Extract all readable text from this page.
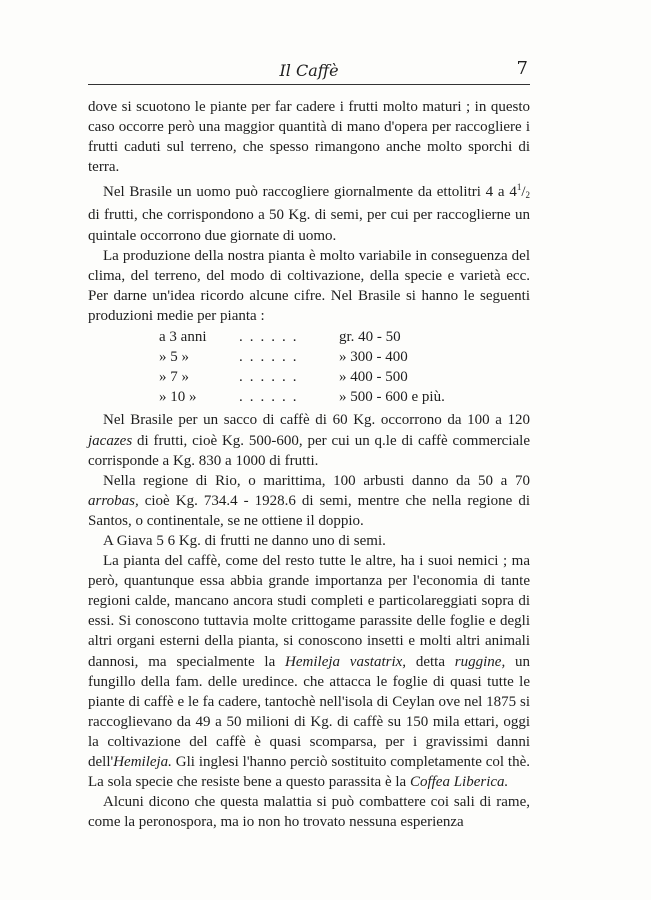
Il Caffè	7

dove si scuotono le piante per far cadere i frutti molto maturi ; in questo caso occorre però una maggior quantità di mano d'opera per raccogliere i frutti caduti sul terreno, che spesso rimangono anche molto sporchi di terra.

Nel Brasile un uomo può raccogliere giornalmente da ettolitri 4 a $4^1/_2$ di frutti, che corrispondono a 50 Kg. di semi, per cui per raccoglierne un quintale occorrono due giornate di uomo.

La produzione della nostra pianta è molto variabile in conseguenza del clima, del terreno, del modo di coltivazione, della specie e varietà ecc. Per darne un'idea ricordo alcune cifre. Nel Brasile si hanno le seguenti produzioni medie per pianta :

a 3 anni	......	gr. 40 - 50
» 5 »	......	» 300 - 400
» 7 »	......	» 400 - 500
» 10 »	......	» 500 - 600 e più.

Nel Brasile per un sacco di caffè di 60 Kg. occorrono da 100 a 120 jacazes di frutti, cioè Kg. 500-600, per cui un q.le di caffè commerciale corrisponde a Kg. 830 a 1000 di frutti.

Nella regione di Rio, o marittima, 100 arbusti danno da 50 a 70 arrobas, cioè Kg. 734.4 - 1928.6 di semi, mentre che nella regione di Santos, o continentale, se ne ottiene il doppio.

A Giava 5 6 Kg. di frutti ne danno uno di semi.

La pianta del caffè, come del resto tutte le altre, ha i suoi nemici ; ma però, quantunque essa abbia grande importanza per l'economia di tante regioni calde, mancano ancora studi completi e particolareggiati sopra di essi. Si conoscono tuttavia molte crittogame parassite delle foglie e degli altri organi esterni della pianta, si conoscono insetti e molti altri animali dannosi, ma specialmente la Hemileja vastatrix, detta ruggine, un fungillo della fam. delle uredince. che attacca le foglie di quasi tutte le piante di caffè e le fa cadere, tantochè nell'isola di Ceylan ove nel 1875 si raccoglievano da 49 a 50 milioni di Kg. di caffè su 150 mila ettari, oggi la coltivazione del caffè è quasi scomparsa, per i gravissimi danni dell'Hemileja. Gli inglesi l'hanno perciò sostituito completamente col thè. La sola specie che resiste bene a questo parassita è la Coffea Liberica.

Alcuni dicono che questa malattia si può combattere coi sali di rame, come la peronospora, ma io non ho trovato nessuna esperienza
